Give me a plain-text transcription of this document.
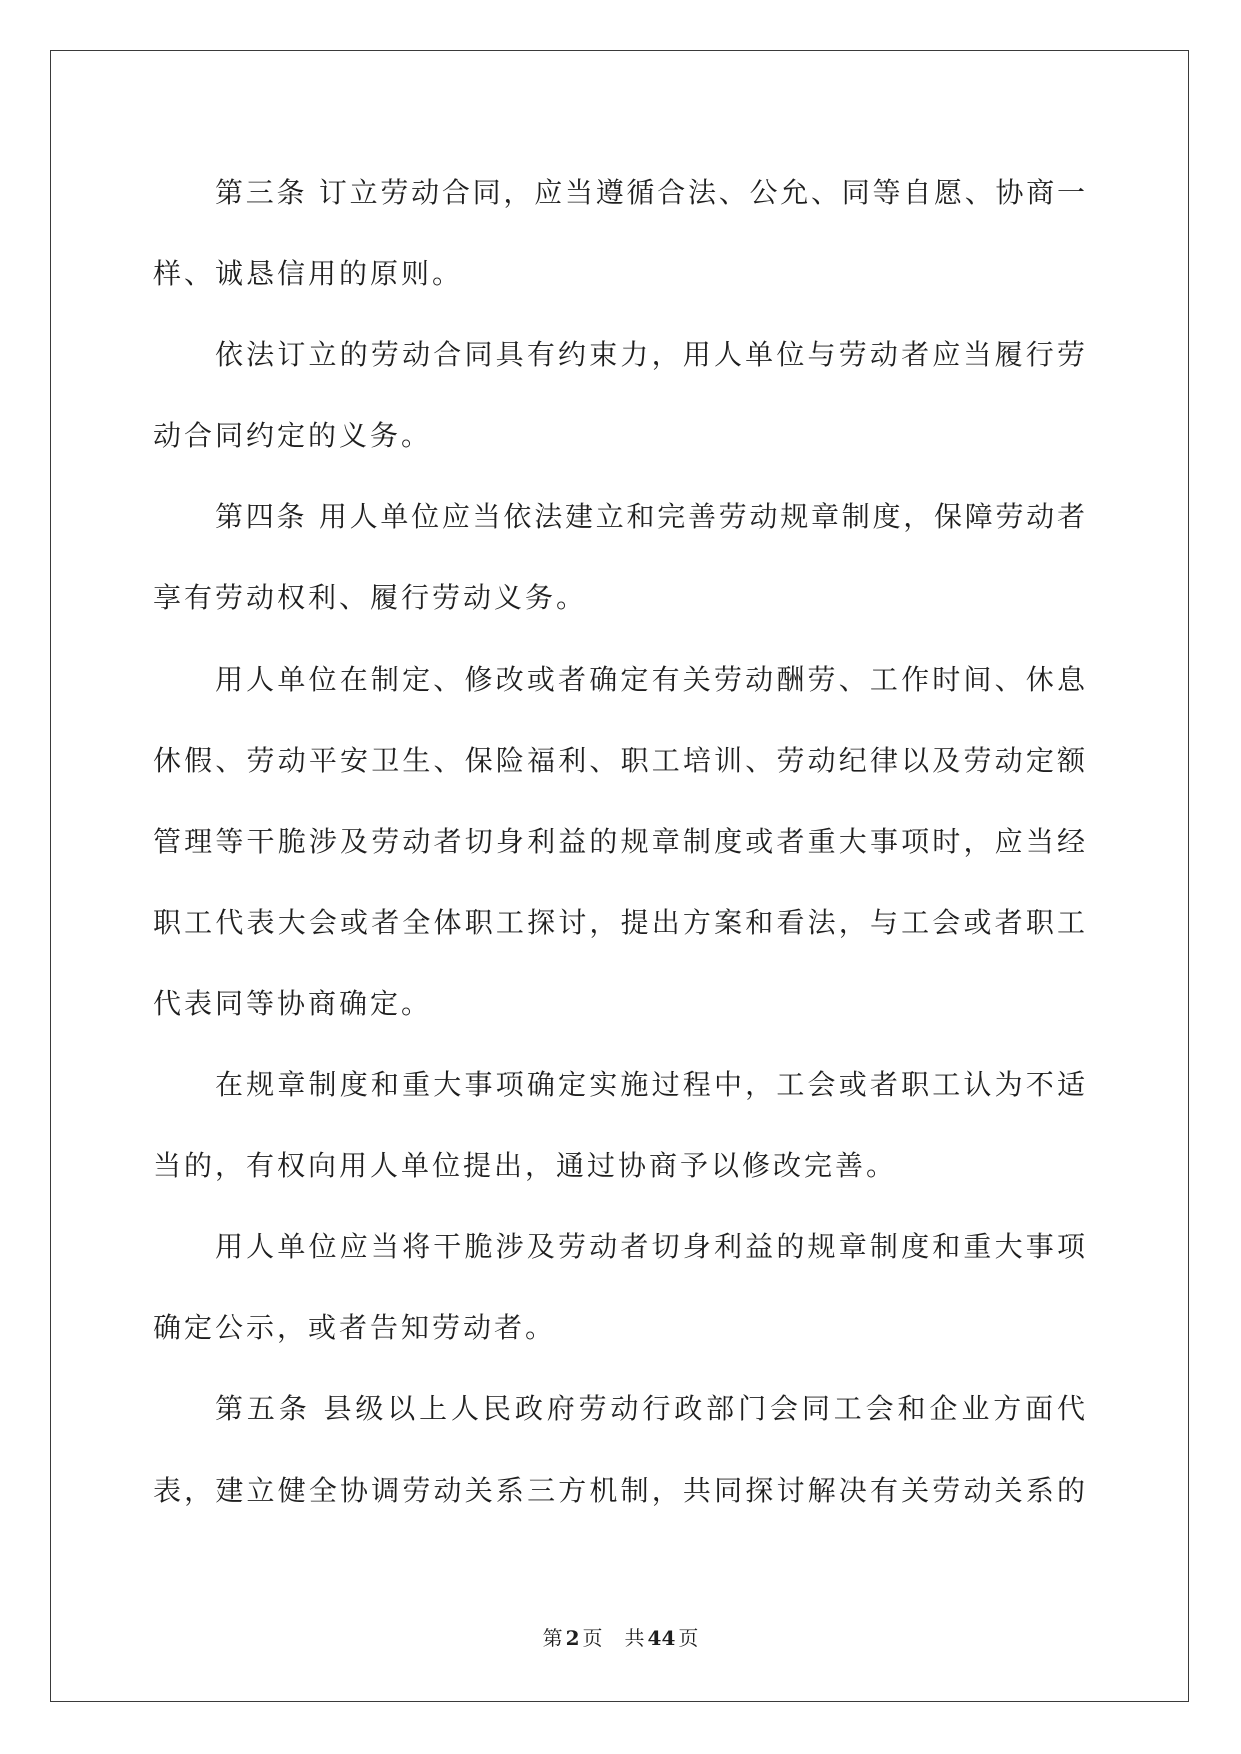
第三条 订立劳动合同，应当遵循合法、公允、同等自愿、协商一
样、诚恳信用的原则。
依法订立的劳动合同具有约束力，用人单位与劳动者应当履行劳
动合同约定的义务。
第四条 用人单位应当依法建立和完善劳动规章制度，保障劳动者
享有劳动权利、履行劳动义务。
用人单位在制定、修改或者确定有关劳动酬劳、工作时间、休息
休假、劳动平安卫生、保险福利、职工培训、劳动纪律以及劳动定额
管理等干脆涉及劳动者切身利益的规章制度或者重大事项时，应当经
职工代表大会或者全体职工探讨，提出方案和看法，与工会或者职工
代表同等协商确定。
在规章制度和重大事项确定实施过程中，工会或者职工认为不适
当的，有权向用人单位提出，通过协商予以修改完善。
用人单位应当将干脆涉及劳动者切身利益的规章制度和重大事项
确定公示，或者告知劳动者。
第五条 县级以上人民政府劳动行政部门会同工会和企业方面代
表，建立健全协调劳动关系三方机制，共同探讨解决有关劳动关系的
第 2 页 共 44 页
